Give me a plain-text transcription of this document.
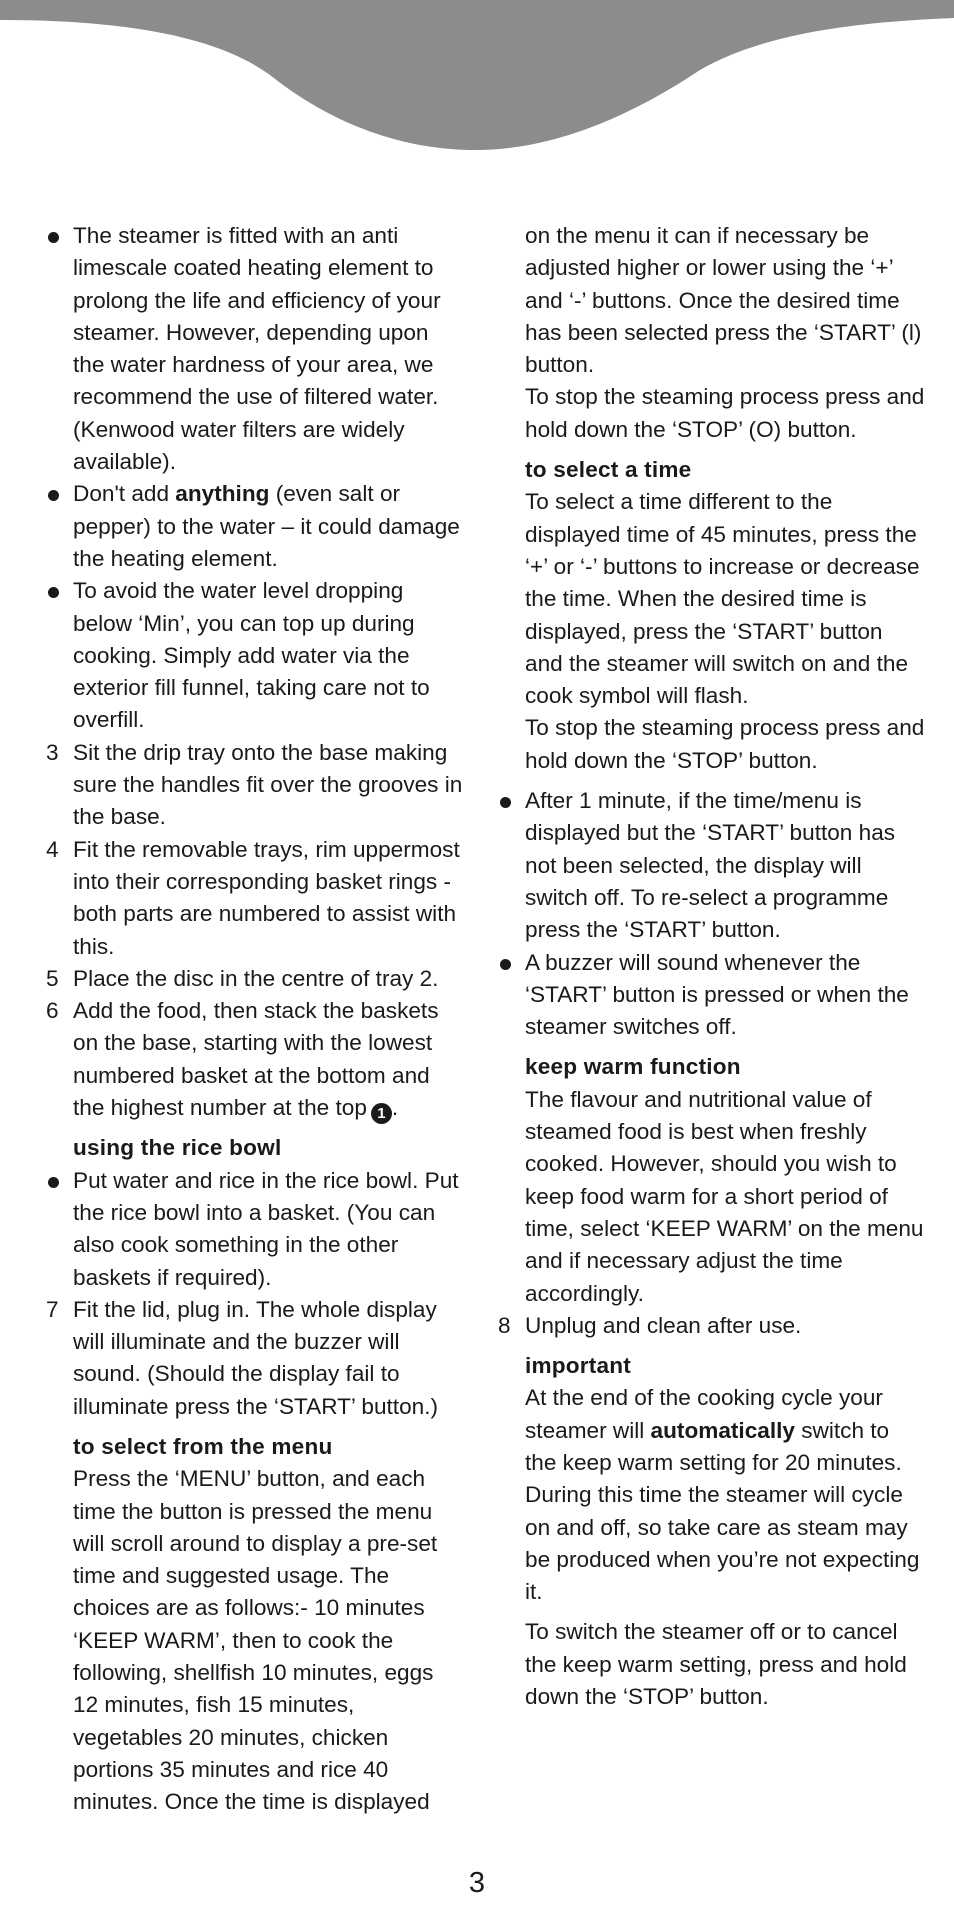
The steamer is fitted with an anti limescale coated heating element to prolong the life and efficiency of your steamer. However, depending upon the water hardness of your area, we recommend the use of filtered water. (Kenwood water filters are widely available).
Don't add anything (even salt or pepper) to the water – it could damage the heating element.
To avoid the water level dropping below ‘Min’, you can top up during cooking. Simply add water via the exterior fill funnel, taking care not to overfill.
3 Sit the drip tray onto the base making sure the handles fit over the grooves in the base.
4 Fit the removable trays, rim uppermost into their corresponding basket rings - both parts are numbered to assist with this.
5 Place the disc in the centre of tray 2.
6 Add the food, then stack the baskets on the base, starting with the lowest numbered basket at the bottom and the highest number at the top 1 .
using the rice bowl
Put water and rice in the rice bowl. Put the rice bowl into a basket. (You can also cook something in the other baskets if required).
7 Fit the lid, plug in. The whole display will illuminate and the buzzer will sound. (Should the display fail to illuminate press the ‘START’ button.)
to select from the menu
Press the ‘MENU’ button, and each time the button is pressed the menu will scroll around to display a pre-set time and suggested usage. The choices are as follows:- 10 minutes ‘KEEP WARM’, then to cook the following, shellfish 10 minutes, eggs 12 minutes, fish 15 minutes, vegetables 20 minutes, chicken portions 35 minutes and rice 40 minutes. Once the time is displayed
on the menu it can if necessary be adjusted higher or lower using the ‘+’ and ‘-’ buttons. Once the desired time has been selected press the ‘START’ (l) button.
To stop the steaming process press and hold down the ‘STOP’ (O) button.
to select a time
To select a time different to the displayed time of 45 minutes, press the ‘+’ or ‘-’ buttons to increase or decrease the time. When the desired time is displayed, press the ‘START’ button and the steamer will switch on and the cook symbol will flash.
To stop the steaming process press and hold down the ‘STOP’ button.
After 1 minute, if the time/menu is displayed but the ‘START’ button has not been selected, the display will switch off. To re-select a programme press the ‘START’ button.
A buzzer will sound whenever the ‘START’ button is pressed or when the steamer switches off.
keep warm function
The flavour and nutritional value of steamed food is best when freshly cooked. However, should you wish to keep food warm for a short period of time, select ‘KEEP WARM’ on the menu and if necessary adjust the time accordingly.
8 Unplug and clean after use.
important
At the end of the cooking cycle your steamer will automatically switch to the keep warm setting for 20 minutes. During this time the steamer will cycle on and off, so take care as steam may be produced when you’re not expecting it.
To switch the steamer off or to cancel the keep warm setting, press and hold down the ‘STOP’ button.
3
